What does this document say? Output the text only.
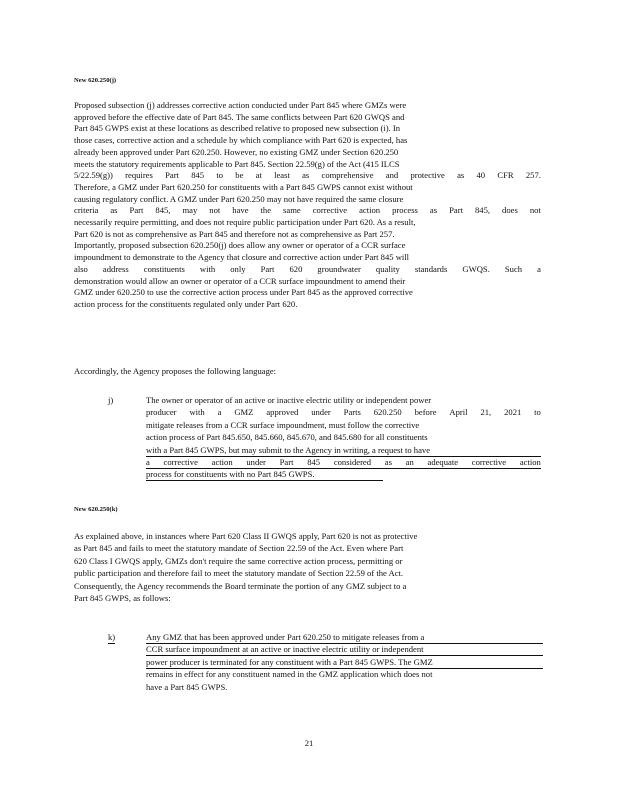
New 620.250(j)
Proposed subsection (j) addresses corrective action conducted under Part 845 where GMZs were
approved before the effective date of Part 845. The same conflicts between Part 620 GWQS and
Part 845 GWPS exist at these locations as described relative to proposed new subsection (i). In
those cases, corrective action and a schedule by which compliance with Part 620 is expected, has
already been approved under Part 620.250. However, no existing GMZ under Section 620.250
meets the statutory requirements applicable to Part 845. Section 22.59(g) of the Act (415 ILCS
5/22.59(g)) requires Part 845 to be at least as comprehensive and protective as 40 CFR 257.
Therefore, a GMZ under Part 620.250 for constituents with a Part 845 GWPS cannot exist without
causing regulatory conflict. A GMZ under Part 620.250 may not have required the same closure
criteria as Part 845, may not have the same corrective action process as Part 845, does not
necessarily require permitting, and does not require public participation under Part 620. As a result,
Part 620 is not as comprehensive as Part 845 and therefore not as comprehensive as Part 257.
Importantly, proposed subsection 620.250(j) does allow any owner or operator of a CCR surface
impoundment to demonstrate to the Agency that closure and corrective action under Part 845 will
also address constituents with only Part 620 groundwater quality standards GWQS. Such a
demonstration would allow an owner or operator of a CCR surface impoundment to amend their
GMZ under 620.250 to use the corrective action process under Part 845 as the approved corrective
action process for the constituents regulated only under Part 620.
Accordingly, the Agency proposes the following language:
j)	The owner or operator of an active or inactive electric utility or independent power
producer with a GMZ approved under Parts 620.250 before April 21, 2021 to
mitigate releases from a CCR surface impoundment, must follow the corrective
action process of Part 845.650, 845.660, 845.670, and 845.680 for all constituents
with a Part 845 GWPS, but may submit to the Agency in writing, a request to have
a corrective action under Part 845 considered as an adequate corrective action
process for constituents with no Part 845 GWPS.
New 620.250(k)
As explained above, in instances where Part 620 Class II GWQS apply, Part 620 is not as protective
as Part 845 and fails to meet the statutory mandate of Section 22.59 of the Act. Even where Part
620 Class I GWQS apply, GMZs don't require the same corrective action process, permitting or
public participation and therefore fail to meet the statutory mandate of Section 22.59 of the Act.
Consequently, the Agency recommends the Board terminate the portion of any GMZ subject to a
Part 845 GWPS, as follows:
k)	Any GMZ that has been approved under Part 620.250 to mitigate releases from a
CCR surface impoundment at an active or inactive electric utility or independent
power producer is terminated for any constituent with a Part 845 GWPS. The GMZ
remains in effect for any constituent named in the GMZ application which does not
have a Part 845 GWPS.
21
